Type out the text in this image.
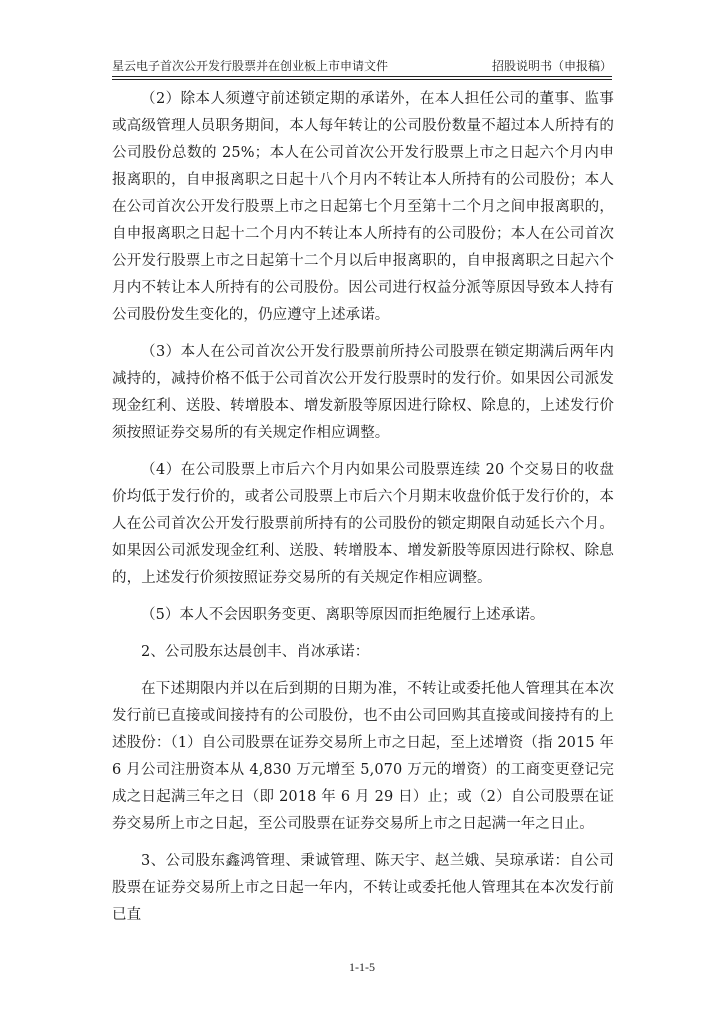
星云电子首次公开发行股票并在创业板上市申请文件	招股说明书（申报稿）

（2）除本人须遵守前述锁定期的承诺外，在本人担任公司的董事、监事或高级管理人员职务期间，本人每年转让的公司股份数量不超过本人所持有的公司股份总数的 25%；本人在公司首次公开发行股票上市之日起六个月内申报离职的，自申报离职之日起十八个月内不转让本人所持有的公司股份；本人在公司首次公开发行股票上市之日起第七个月至第十二个月之间申报离职的，自申报离职之日起十二个月内不转让本人所持有的公司股份；本人在公司首次公开发行股票上市之日起第十二个月以后申报离职的，自申报离职之日起六个月内不转让本人所持有的公司股份。因公司进行权益分派等原因导致本人持有公司股份发生变化的，仍应遵守上述承诺。

（3）本人在公司首次公开发行股票前所持公司股票在锁定期满后两年内减持的，减持价格不低于公司首次公开发行股票时的发行价。如果因公司派发现金红利、送股、转增股本、增发新股等原因进行除权、除息的，上述发行价须按照证券交易所的有关规定作相应调整。

（4）在公司股票上市后六个月内如果公司股票连续 20 个交易日的收盘价均低于发行价的，或者公司股票上市后六个月期末收盘价低于发行价的，本人在公司首次公开发行股票前所持有的公司股份的锁定期限自动延长六个月。如果因公司派发现金红利、送股、转增股本、增发新股等原因进行除权、除息的，上述发行价须按照证券交易所的有关规定作相应调整。

（5）本人不会因职务变更、离职等原因而拒绝履行上述承诺。

2、公司股东达晨创丰、肖冰承诺：

在下述期限内并以在后到期的日期为准，不转让或委托他人管理其在本次发行前已直接或间接持有的公司股份，也不由公司回购其直接或间接持有的上述股份：（1）自公司股票在证券交易所上市之日起，至上述增资（指 2015 年 6 月公司注册资本从 4,830 万元增至 5,070 万元的增资）的工商变更登记完成之日起满三年之日（即 2018 年 6 月 29 日）止；或（2）自公司股票在证券交易所上市之日起，至公司股票在证券交易所上市之日起满一年之日止。

3、公司股东鑫鸿管理、秉诚管理、陈天宇、赵兰娥、吴琼承诺：自公司股票在证券交易所上市之日起一年内，不转让或委托他人管理其在本次发行前已直

1-1-5
